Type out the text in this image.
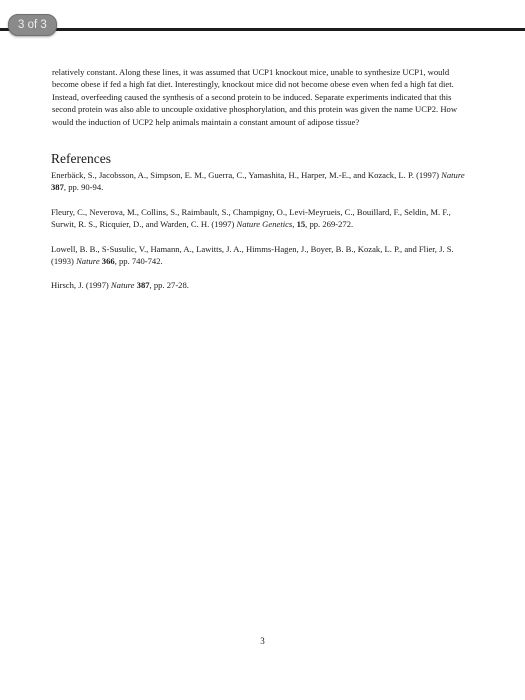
3 of 3

relatively constant. Along these lines, it was assumed that UCP1 knockout mice, unable to synthesize UCP1, would become obese if fed a high fat diet. Interestingly, knockout mice did not become obese even when fed a high fat diet. Instead, overfeeding caused the synthesis of a second protein to be induced. Separate experiments indicated that this second protein was also able to uncouple oxidative phosphorylation, and this protein was given the name UCP2. How would the induction of UCP2 help animals maintain a constant amount of adipose tissue?

References

Enerbäck, S., Jacobsson, A., Simpson, E. M., Guerra, C., Yamashita, H., Harper, M.-E., and Kozack, L. P. (1997) Nature 387, pp. 90-94.

Fleury, C., Neverova, M., Collins, S., Raimbault, S., Champigny, O., Levi-Meyrueis, C., Bouillard, F., Seldin, M. F., Surwit, R. S., Ricquier, D., and Warden, C. H. (1997) Nature Genetics, 15, pp. 269-272.

Lowell, B. B., S-Susulic, V., Hamann, A., Lawitts, J. A., Himms-Hagen, J., Boyer, B. B., Kozak, L. P., and Flier, J. S. (1993) Nature 366, pp. 740-742.

Hirsch, J. (1997) Nature 387, pp. 27-28.

3
